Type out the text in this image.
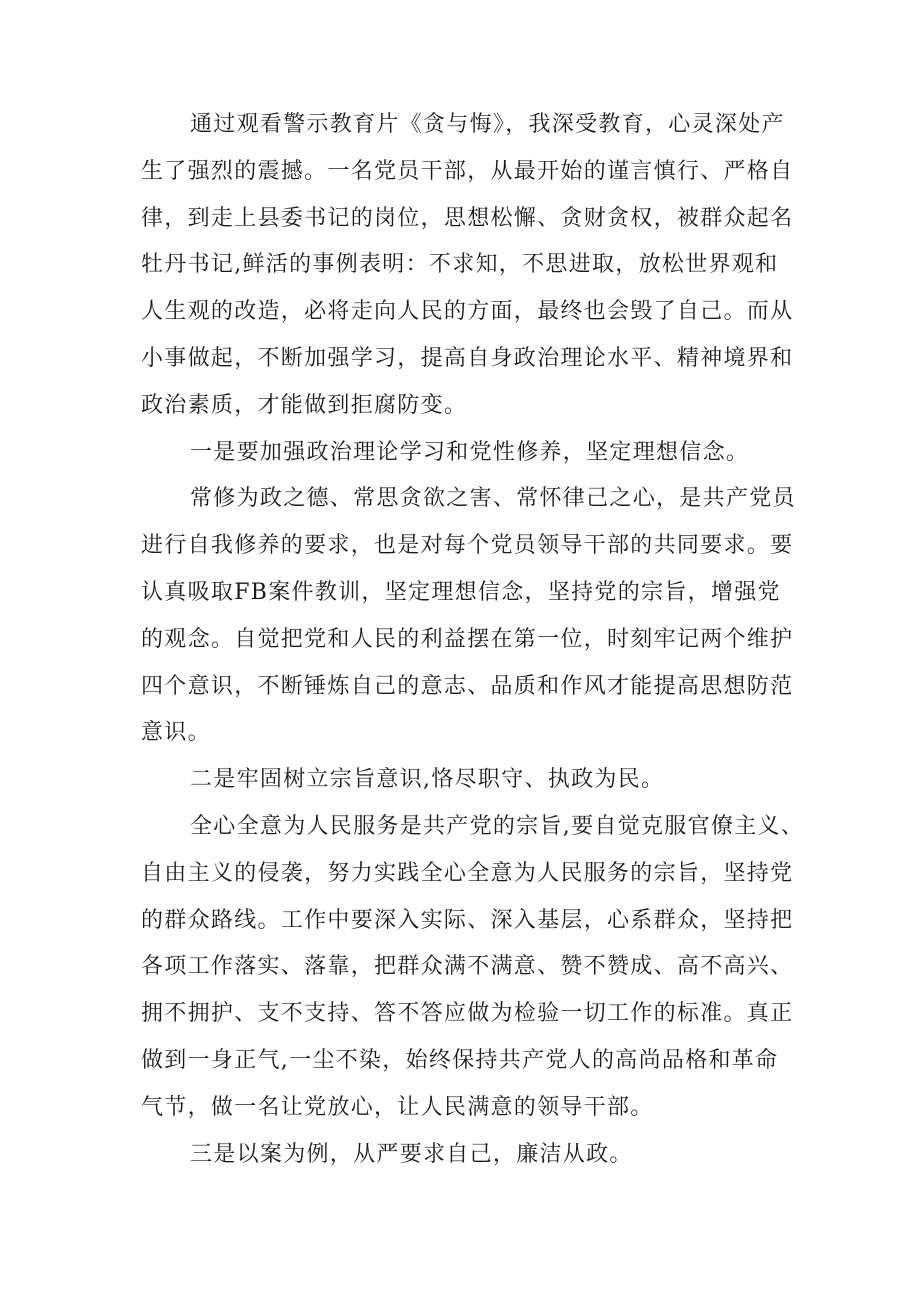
通过观看警示教育片《贪与悔》，我深受教育，心灵深处产
生了强烈的震撼。一名党员干部，从最开始的谨言慎行、严格自
律，到走上县委书记的岗位，思想松懈、贪财贪权，被群众起名
牡丹书记,鲜活的事例表明：不求知，不思进取，放松世界观和
人生观的改造，必将走向人民的方面，最终也会毁了自己。而从
小事做起，不断加强学习，提高自身政治理论水平、精神境界和
政治素质，才能做到拒腐防变。
一是要加强政治理论学习和党性修养，坚定理想信念。
常修为政之德、常思贪欲之害、常怀律己之心，是共产党员
进行自我修养的要求，也是对每个党员领导干部的共同要求。要
认真吸取FB案件教训，坚定理想信念，坚持党的宗旨，增强党
的观念。自觉把党和人民的利益摆在第一位，时刻牢记两个维护
四个意识，不断锤炼自己的意志、品质和作风才能提高思想防范
意识。
二是牢固树立宗旨意识,恪尽职守、执政为民。
全心全意为人民服务是共产党的宗旨,要自觉克服官僚主义、
自由主义的侵袭，努力实践全心全意为人民服务的宗旨，坚持党
的群众路线。工作中要深入实际、深入基层，心系群众，坚持把
各项工作落实、落靠，把群众满不满意、赞不赞成、高不高兴、
拥不拥护、支不支持、答不答应做为检验一切工作的标准。真正
做到一身正气,一尘不染，始终保持共产党人的高尚品格和革命
气节，做一名让党放心，让人民满意的领导干部。
三是以案为例，从严要求自己，廉洁从政。
